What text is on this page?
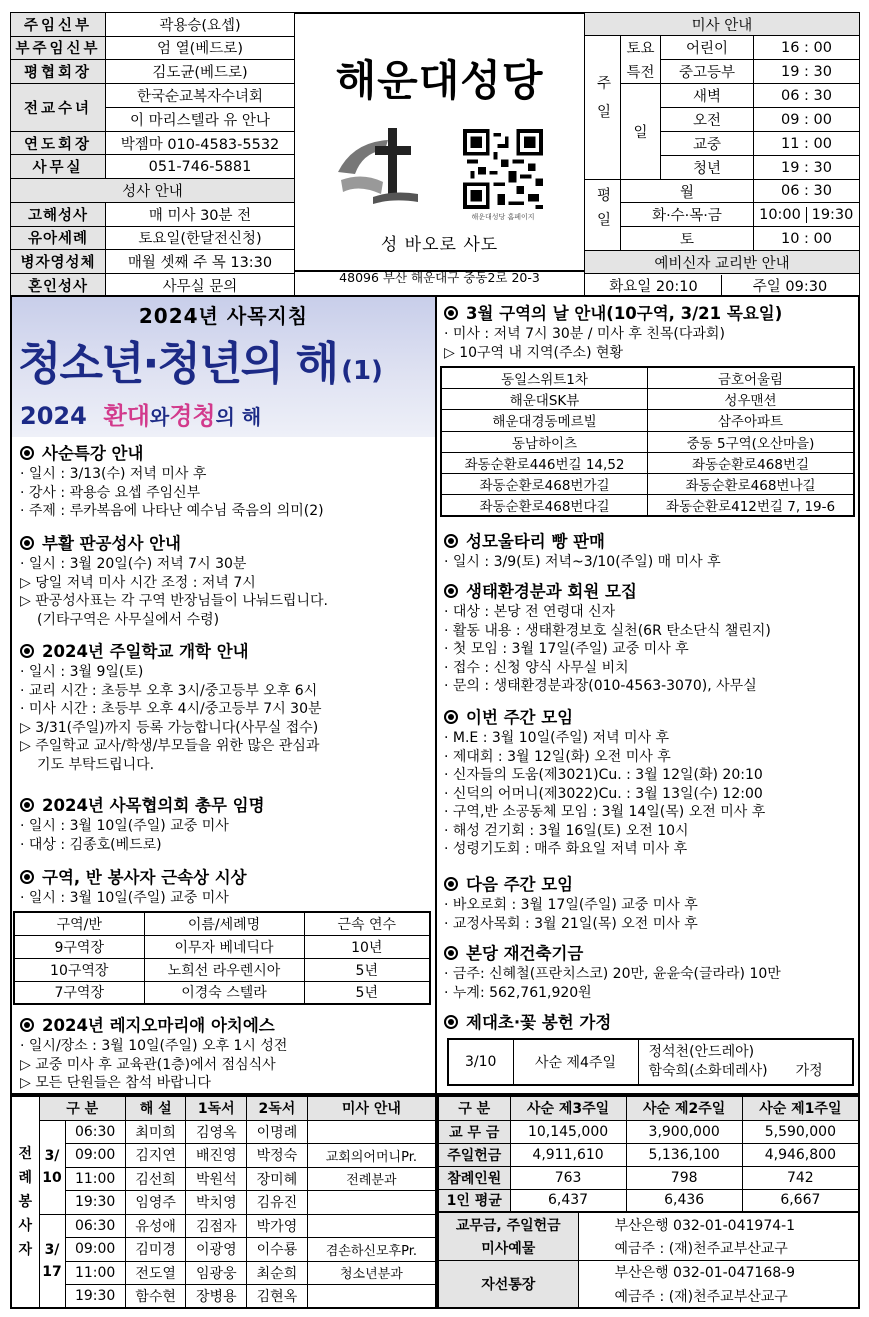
주임신부	곽용승(요셉)
부주임신부	엄 열(베드로)
평협회장	김도균(베드로)
전교수녀	한국순교복자수녀회
	이 마리스텔라 유 안나
연도회장	박젬마 010-4583-5532
사무실	051-746-5881
성사 안내	
고해성사	매 미사 30분 전
유아세례	토요일(한달전신청)
병자영성체	매월 셋째 주 목 13:30
혼인성사	사무실 문의
해운대성당
해운대성당 홈페이지
성 바오로 사도
48096 부산 해운대구 중동2로 20-3
미사 안내			
주일	토요	어린이	16 : 00
	특전	중고등부	19 : 30
	일	새벽	06 : 30
		오전	09 : 00
		교중	11 : 00
		청년	19 : 30
평일	월		06 : 30
	화·수·목·금		10:00 19:30
	토		10 : 00
예비신자 교리반 안내			
화요일 20:10 주일 09:30			
2024년 사목지침
청소년·청년의 해 (1)
2024 환대와경청의 해
사순특강 안내

· 일시 : 3/13(수) 저녁 미사 후

· 강사 : 곽용승 요셉 주임신부

· 주제 : 루카복음에 나타난 예수님 죽음의 의미(2)

부활 판공성사 안내

· 일시 : 3월 20일(수) 저녁 7시 30분

▷ 당일 저녁 미사 시간 조정 : 저녁 7시

▷ 판공성사표는 각 구역 반장님들이 나눠드립니다.

(기타구역은 사무실에서 수령)

2024년 주일학교 개학 안내

· 일시 : 3월 9일(토)

· 교리 시간 : 초등부 오후 3시/중고등부 오후 6시

· 미사 시간 : 초등부 오후 4시/중고등부 7시 30분

▷ 3/31(주일)까지 등록 가능합니다(사무실 접수)

▷ 주일학교 교사/학생/부모들을 위한 많은 관심과

기도 부탁드립니다.

2024년 사목협의회 총무 임명

· 일시 : 3월 10일(주일) 교중 미사

· 대상 : 김종호(베드로)

구역, 반 봉사자 근속상 시상

· 일시 : 3월 10일(주일) 교중 미사

구역/반	이름/세례명	근속 연수
9구역장	이무자 베네딕다	10년
10구역장	노희선 라우렌시아	5년
7구역장	이경숙 스텔라	5년
2024년 레지오마리애 아치에스

· 일시/장소 : 3월 10일(주일) 오후 1시 성전

▷ 교중 미사 후 교육관(1층)에서 점심식사

▷ 모든 단원들은 참석 바랍니다

3월 구역의 날 안내(10구역, 3/21 목요일)

· 미사 : 저녁 7시 30분 / 미사 후 친목(다과회)

▷ 10구역 내 지역(주소) 현황

동일스위트1차	금호어울림
해운대SK뷰	성우맨션
해운대경동메르빌	삼주아파트
동남하이츠	중동 5구역(오산마을)
좌동순환로446번길 14,52	좌동순환로468번길
좌동순환로468번가길	좌동순환로468번나길
좌동순환로468번다길	좌동순환로412번길 7, 19-6
성모울타리 빵 판매

· 일시 : 3/9(토) 저녁~3/10(주일) 매 미사 후

생태환경분과 회원 모집

· 대상 : 본당 전 연령대 신자

· 활동 내용 : 생태환경보호 실천(6R 탄소단식 챌린지)

· 첫 모임 : 3월 17일(주일) 교중 미사 후

· 접수 : 신청 양식 사무실 비치

· 문의 : 생태환경분과장(010-4563-3070), 사무실

이번 주간 모임

· M.E : 3월 10일(주일) 저녁 미사 후

· 제대회 : 3월 12일(화) 오전 미사 후

· 신자들의 도움(제3021)Cu. : 3월 12일(화) 20:10

· 신덕의 어머니(제3022)Cu. : 3월 13일(수) 12:00

· 구역,반 소공동체 모임 : 3월 14일(목) 오전 미사 후

· 해성 걷기회 : 3월 16일(토) 오전 10시

· 성령기도회 : 매주 화요일 저녁 미사 후

다음 주간 모임

· 바오로회 : 3월 17일(주일) 교중 미사 후

· 교정사목회 : 3월 21일(목) 오전 미사 후

본당 재건축기금

· 금주: 신혜철(프란치스코) 20만, 윤윤숙(글라라) 10만

· 누계: 562,761,920원

제대초·꽃 봉헌 가정
3/10	사순 제4주일	
정석천(안드레아)
함숙희(소화데레사) 가정
전례봉사자	구 분		해 설	1독서	2독서	미사 안내
	3/10	06:30	최미희	김영옥	이명례	
		09:00	김지연	배진영	박정숙	교회의어머니Pr.
		11:00	김선희	박원석	장미혜	전례분과
		19:30	임영주	박치영	김유진	
	3/17	06:30	유성애	김점자	박가영	
		09:00	김미경	이광영	이수룡	겸손하신모후Pr.
		11:00	전도열	임광웅	최순희	청소년분과
		19:30	함수현	장병용	김현옥	
구 분	사순 제3주일	사순 제2주일	사순 제1주일
교 무 금	10,145,000	3,900,000	5,590,000
주일헌금	4,911,610	5,136,100	4,946,800
참례인원	763	798	742
1인 평균	6,437	6,436	6,667
교무금, 주일헌금	부산은행 032-01-041974-1
미사예물	예금주 : (재)천주교부산교구
자선통장	부산은행 032-01-047168-9
	예금주 : (재)천주교부산교구
